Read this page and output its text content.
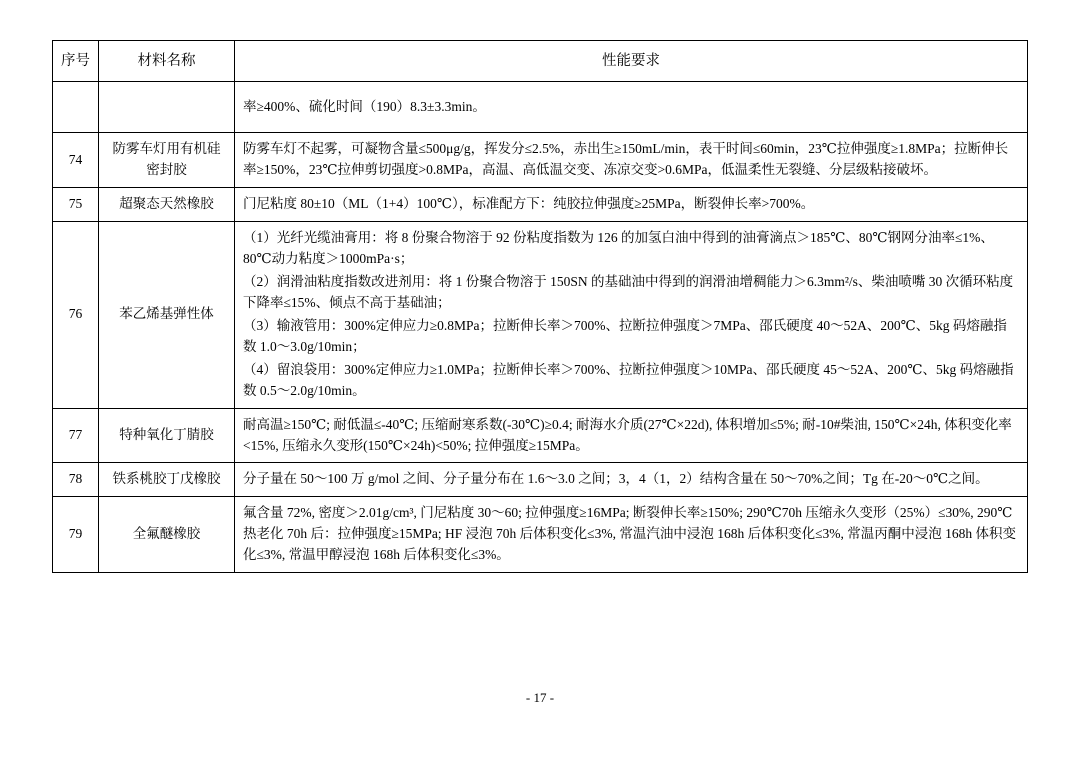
序号	材料名称	性能要求

		率≥400%、硫化时间（190）8.3±3.3min。

74	防雾车灯用有机硅密封胶	防雾车灯不起雾，可凝物含量≤500μg/g，挥发分≤2.5%，赤出生≥150mL/min，表干时间≤60min，23℃拉伸强度≥1.8MPa；拉断伸长率≥150%，23℃拉伸剪切强度>0.8MPa，高温、高低温交变、冻凉交变>0.6MPa，低温柔性无裂缝、分层级粘接破坏。

75	超聚态天然橡胶	门尼粘度 80±10（ML（1+4）100℃），标准配方下：纯胶拉伸强度≥25MPa，断裂伸长率>700%。

76	苯乙烯基弹性体	（1）光纤光缆油膏用：将 8 份聚合物溶于 92 份粘度指数为 126 的加氢白油中得到的油膏滴点＞185℃、80℃钢网分油率≤1%、80℃动力粘度＞1000mPa·s；

（2）润滑油粘度指数改进剂用：将 1 份聚合物溶于 150SN 的基础油中得到的润滑油增稠能力＞6.3mm²/s、柴油喷嘴 30 次循环粘度下降率≤15%、倾点不高于基础油；

（3）输液管用：300%定伸应力≥0.8MPa；拉断伸长率＞700%、拉断拉伸强度＞7MPa、邵氏硬度 40～52A、200℃、5kg 码熔融指数 1.0～3.0g/10min；

（4）留浪袋用：300%定伸应力≥1.0MPa；拉断伸长率＞700%、拉断拉伸强度＞10MPa、邵氏硬度 45～52A、200℃、5kg 码熔融指数 0.5～2.0g/10min。

77	特种氧化丁腈胶	耐高温≥150℃; 耐低温≤-40℃; 压缩耐寒系数(-30℃)≥0.4; 耐海水介质(27℃×22d), 体积增加≤5%; 耐-10#柴油, 150℃×24h, 体积变化率<15%, 压缩永久变形(150℃×24h)<50%; 拉伸强度≥15MPa。

78	铁系桃胶丁戊橡胶	分子量在 50～100 万 g/mol 之间、分子量分布在 1.6～3.0 之间；3，4（1，2）结构含量在 50～70%之间；Tg 在-20～0℃之间。

79	全氟醚橡胶	氟含量 72%, 密度＞2.01g/cm³, 门尼粘度 30～60; 拉伸强度≥16MPa; 断裂伸长率≥150%; 290℃70h 压缩永久变形（25%）≤30%, 290℃热老化 70h 后：拉伸强度≥15MPa; HF 浸泡 70h 后体积变化≤3%, 常温汽油中浸泡 168h 后体积变化≤3%, 常温丙酮中浸泡 168h 体积变化≤3%, 常温甲醇浸泡 168h 后体积变化≤3%。

- 17 -
